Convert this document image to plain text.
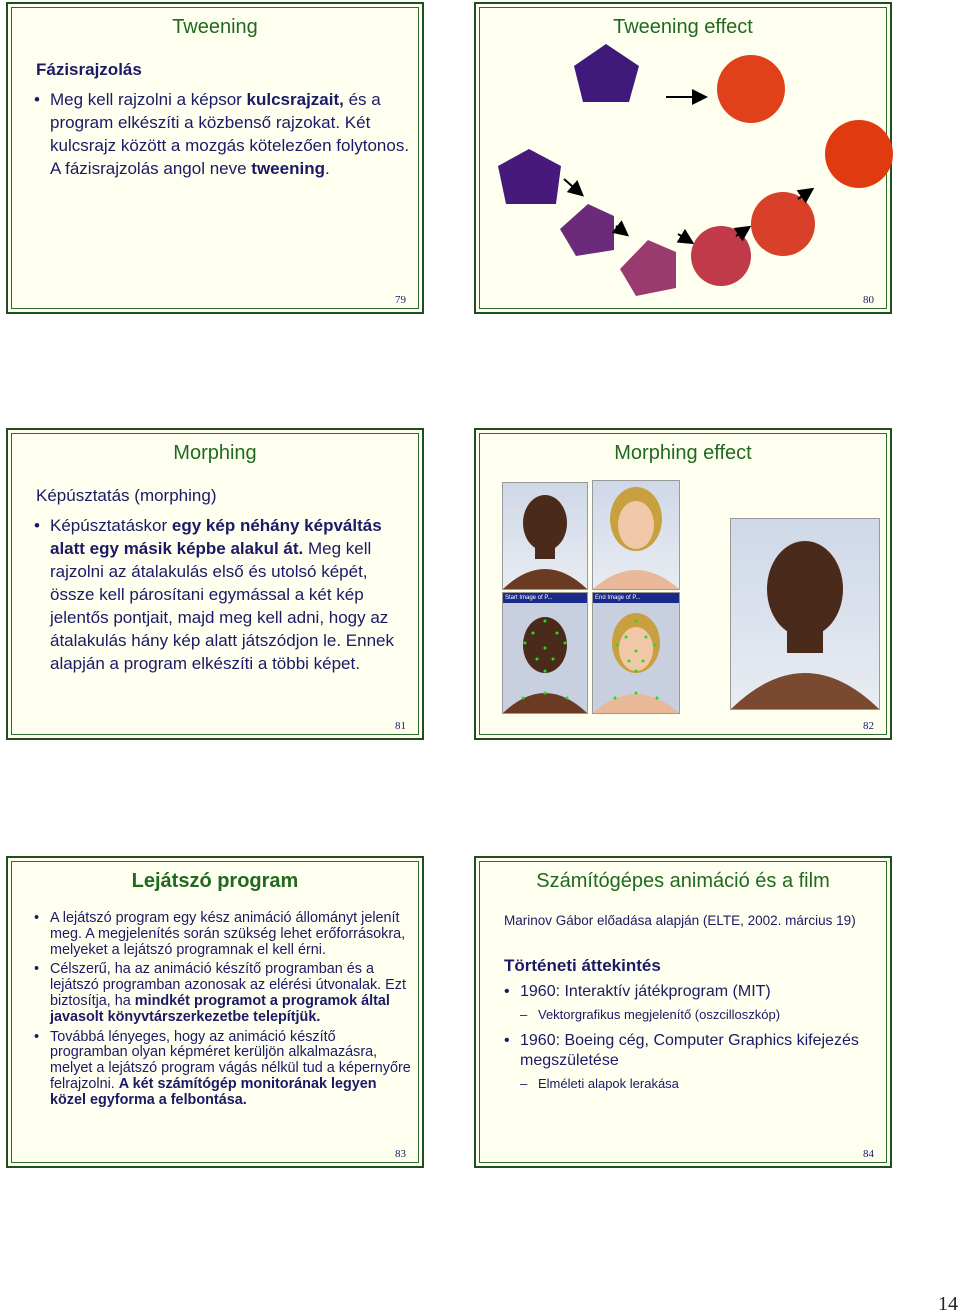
Tweening
Fázisrajzolás
• Meg kell rajzolni a képsor kulcsrajzait, és a program elkészíti a közbenső rajzokat. Két kulcsrajz között a mozgás kötelezően folytonos. A fázisrajzolás angol neve tweening.
79
Tweening effect
80
Morphing
Képúsztatás (morphing)
• Képúsztatáskor egy kép néhány képváltás alatt egy másik képbe alakul át. Meg kell rajzolni az átalakulás első és utolsó képét, össze kell párosítani egymással a két kép jelentős pontjait, majd meg kell adni, hogy az átalakulás hány kép alatt játszódjon le. Ennek alapján a program elkészíti a többi képet.
81
Morphing effect
Start Image of P...	End Image of P...
82
Lejátszó program
• A lejátszó program egy kész animáció állományt jelenít meg. A megjelenítés során szükség lehet erőforrásokra, melyeket a lejátszó programnak el kell érni.
• Célszerű, ha az animáció készítő programban és a lejátszó programban azonosak az elérési útvonalak. Ezt biztosítja, ha mindkét programot a programok által javasolt könyvtárszerkezetbe telepítjük.
• Továbbá lényeges, hogy az animáció készítő programban olyan képméret kerüljön alkalmazásra, melyet a lejátszó program vágás nélkül tud a képernyőre felrajzolni. A két számítógép monitorának legyen közel egyforma a felbontása.
83
Számítógépes animáció és a film
Marinov Gábor előadása alapján (ELTE, 2002. március 19)
Történeti áttekintés
• 1960: Interaktív játékprogram (MIT)
– Vektorgrafikus megjelenítő (oszcilloszkóp)
• 1960: Boeing cég, Computer Graphics kifejezés megszületése
– Elméleti alapok lerakása
84
14
